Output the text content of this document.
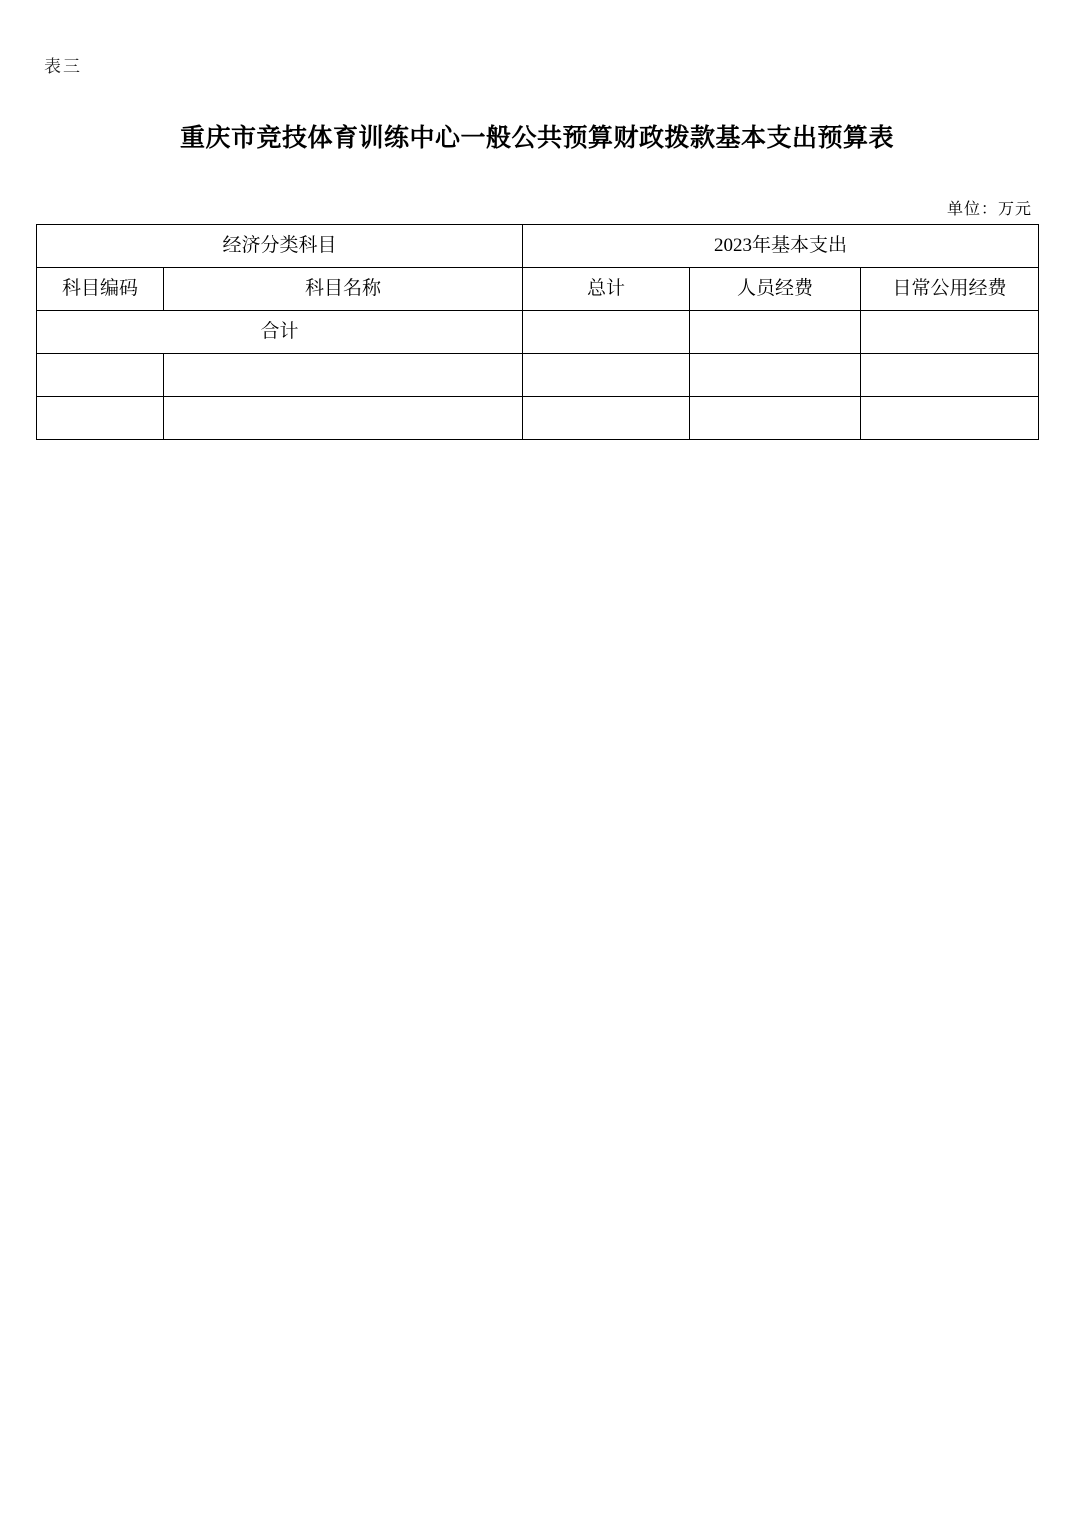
表三
重庆市竞技体育训练中心一般公共预算财政拨款基本支出预算表
单位：万元
经济分类科目		2023年基本支出		

科目编码	科目名称	总计	人员经费	日常公用经费

合计				
